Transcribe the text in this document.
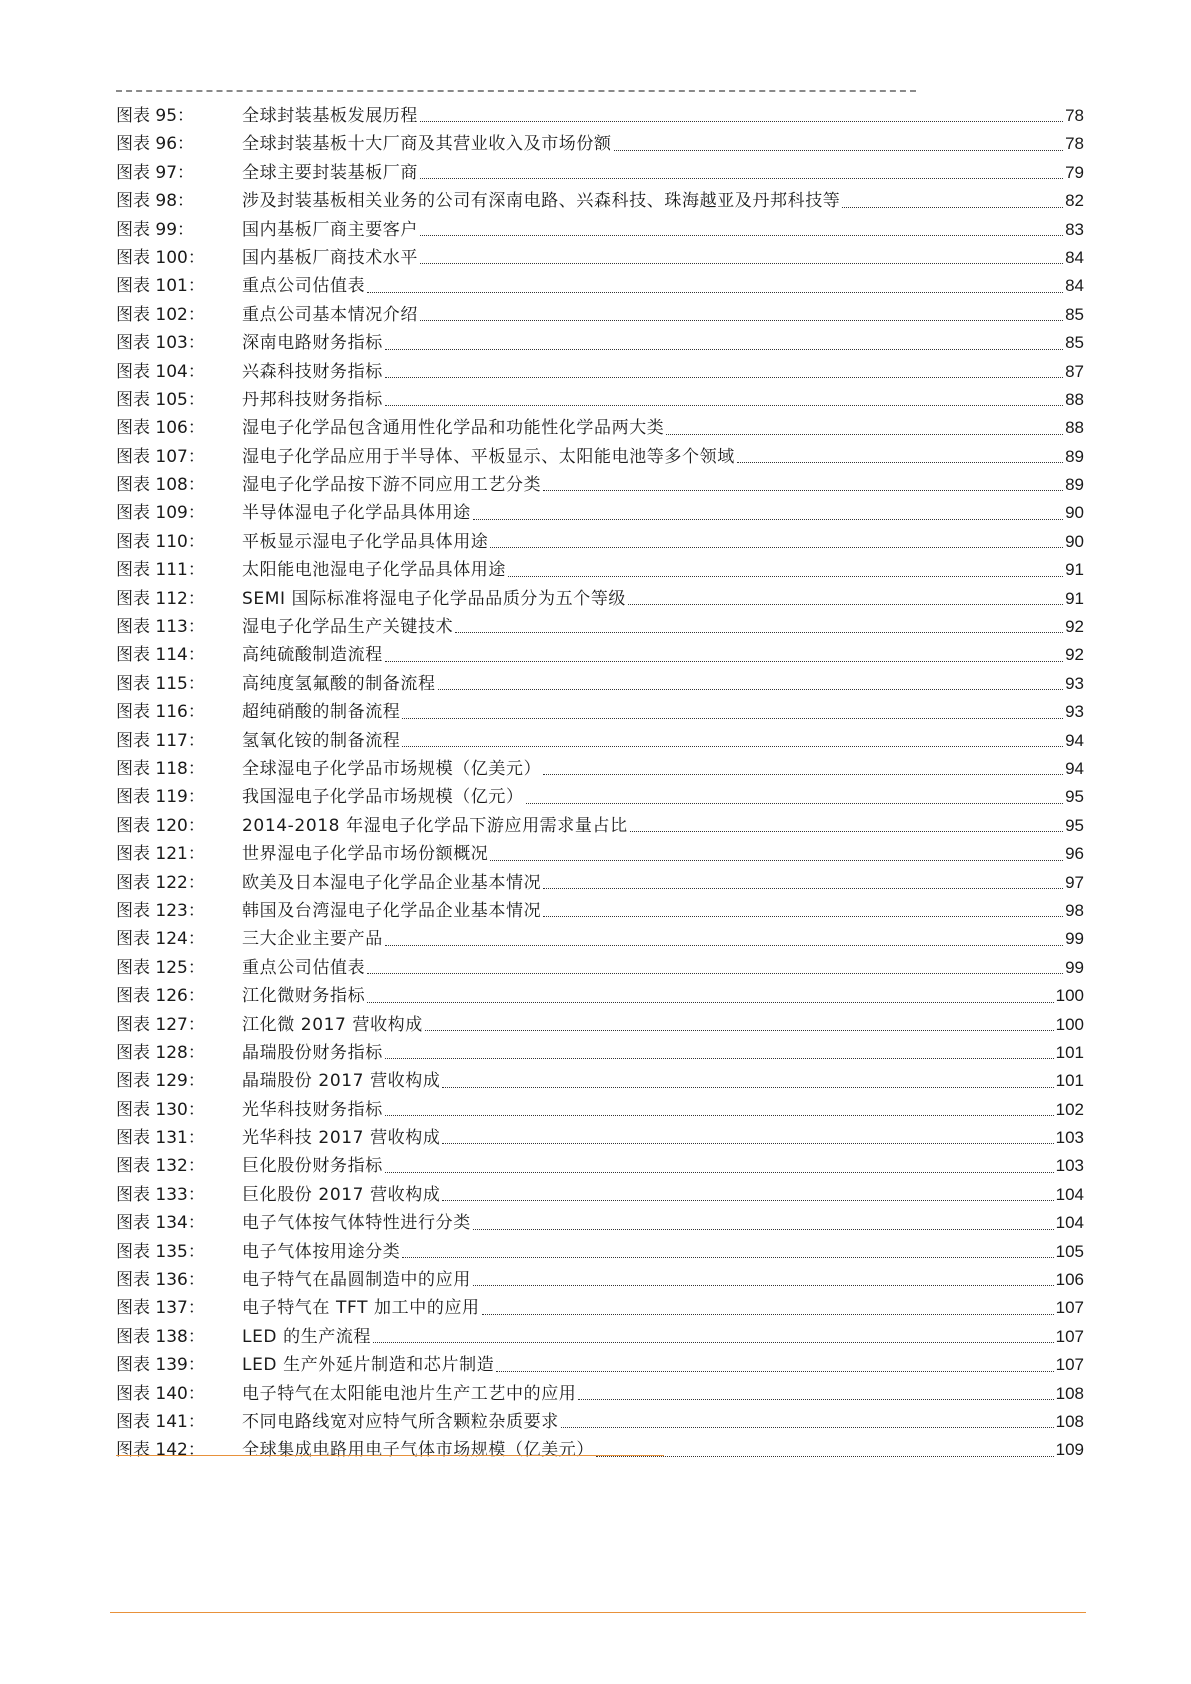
图表 95：	全球封装基板发展历程	78
图表 96：	全球封装基板十大厂商及其营业收入及市场份额	78
图表 97：	全球主要封装基板厂商	79
图表 98：	涉及封装基板相关业务的公司有深南电路、兴森科技、珠海越亚及丹邦科技等	82
图表 99：	国内基板厂商主要客户	83
图表 100：	国内基板厂商技术水平	84
图表 101：	重点公司估值表	84
图表 102：	重点公司基本情况介绍	85
图表 103：	深南电路财务指标	85
图表 104：	兴森科技财务指标	87
图表 105：	丹邦科技财务指标	88
图表 106：	湿电子化学品包含通用性化学品和功能性化学品两大类	88
图表 107：	湿电子化学品应用于半导体、平板显示、太阳能电池等多个领域	89
图表 108：	湿电子化学品按下游不同应用工艺分类	89
图表 109：	半导体湿电子化学品具体用途	90
图表 110：	平板显示湿电子化学品具体用途	90
图表 111：	太阳能电池湿电子化学品具体用途	91
图表 112：	SEMI 国际标准将湿电子化学品品质分为五个等级	91
图表 113：	湿电子化学品生产关键技术	92
图表 114：	高纯硫酸制造流程	92
图表 115：	高纯度氢氟酸的制备流程	93
图表 116：	超纯硝酸的制备流程	93
图表 117：	氢氧化铵的制备流程	94
图表 118：	全球湿电子化学品市场规模（亿美元）	94
图表 119：	我国湿电子化学品市场规模（亿元）	95
图表 120：	2014-2018 年湿电子化学品下游应用需求量占比	95
图表 121：	世界湿电子化学品市场份额概况	96
图表 122：	欧美及日本湿电子化学品企业基本情况	97
图表 123：	韩国及台湾湿电子化学品企业基本情况	98
图表 124：	三大企业主要产品	99
图表 125：	重点公司估值表	99
图表 126：	江化微财务指标	100
图表 127：	江化微 2017 营收构成	100
图表 128：	晶瑞股份财务指标	101
图表 129：	晶瑞股份 2017 营收构成	101
图表 130：	光华科技财务指标	102
图表 131：	光华科技 2017 营收构成	103
图表 132：	巨化股份财务指标	103
图表 133：	巨化股份 2017 营收构成	104
图表 134：	电子气体按气体特性进行分类	104
图表 135：	电子气体按用途分类	105
图表 136：	电子特气在晶圆制造中的应用	106
图表 137：	电子特气在 TFT 加工中的应用	107
图表 138：	LED 的生产流程	107
图表 139：	LED 生产外延片制造和芯片制造	107
图表 140：	电子特气在太阳能电池片生产工艺中的应用	108
图表 141：	不同电路线宽对应特气所含颗粒杂质要求	108
图表 142：	全球集成电路用电子气体市场规模（亿美元）	109
